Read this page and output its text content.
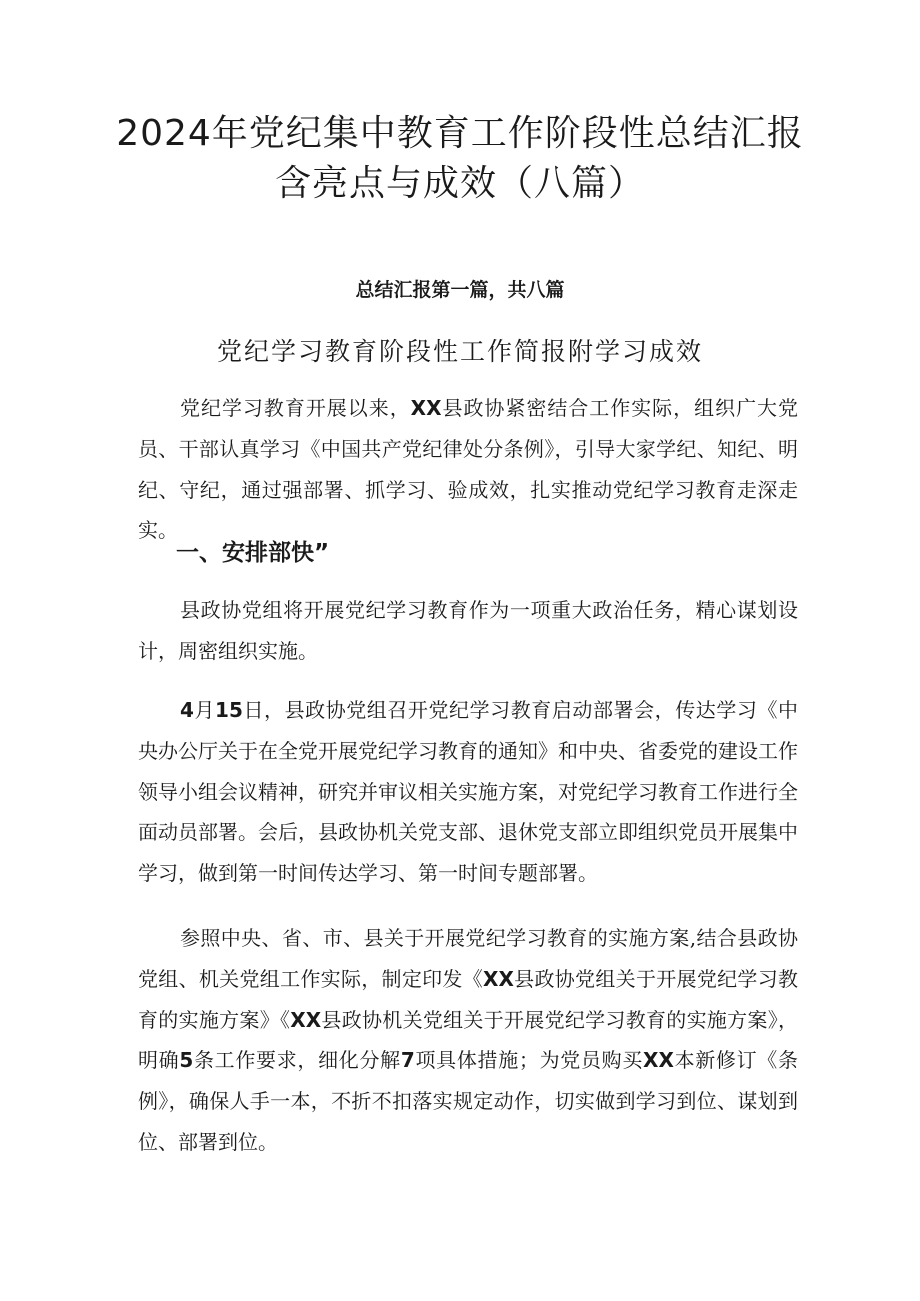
2024年党纪集中教育工作阶段性总结汇报
含亮点与成效（八篇）
总结汇报第一篇，共八篇
党纪学习教育阶段性工作简报附学习成效

党纪学习教育开展以来，XX县政协紧密结合工作实际，组织广大党员、干部认真学习《中国共产党纪律处分条例》，引导大家学纪、知纪、明纪、守纪，通过强部署、抓学习、验成效，扎实推动党纪学习教育走深走实。

一、安排部快”

县政协党组将开展党纪学习教育作为一项重大政治任务，精心谋划设计，周密组织实施。

4月15日，县政协党组召开党纪学习教育启动部署会，传达学习《中央办公厅关于在全党开展党纪学习教育的通知》和中央、省委党的建设工作领导小组会议精神，研究并审议相关实施方案，对党纪学习教育工作进行全面动员部署。会后，县政协机关党支部、退休党支部立即组织党员开展集中学习，做到第一时间传达学习、第一时间专题部署。

参照中央、省、市、县关于开展党纪学习教育的实施方案,结合县政协党组、机关党组工作实际，制定印发《XX县政协党组关于开展党纪学习教育的实施方案》《XX县政协机关党组关于开展党纪学习教育的实施方案》，明确5条工作要求，细化分解7项具体措施；为党员购买XX本新修订《条例》，确保人手一本，不折不扣落实规定动作，切实做到学习到位、谋划到位、部署到位。
